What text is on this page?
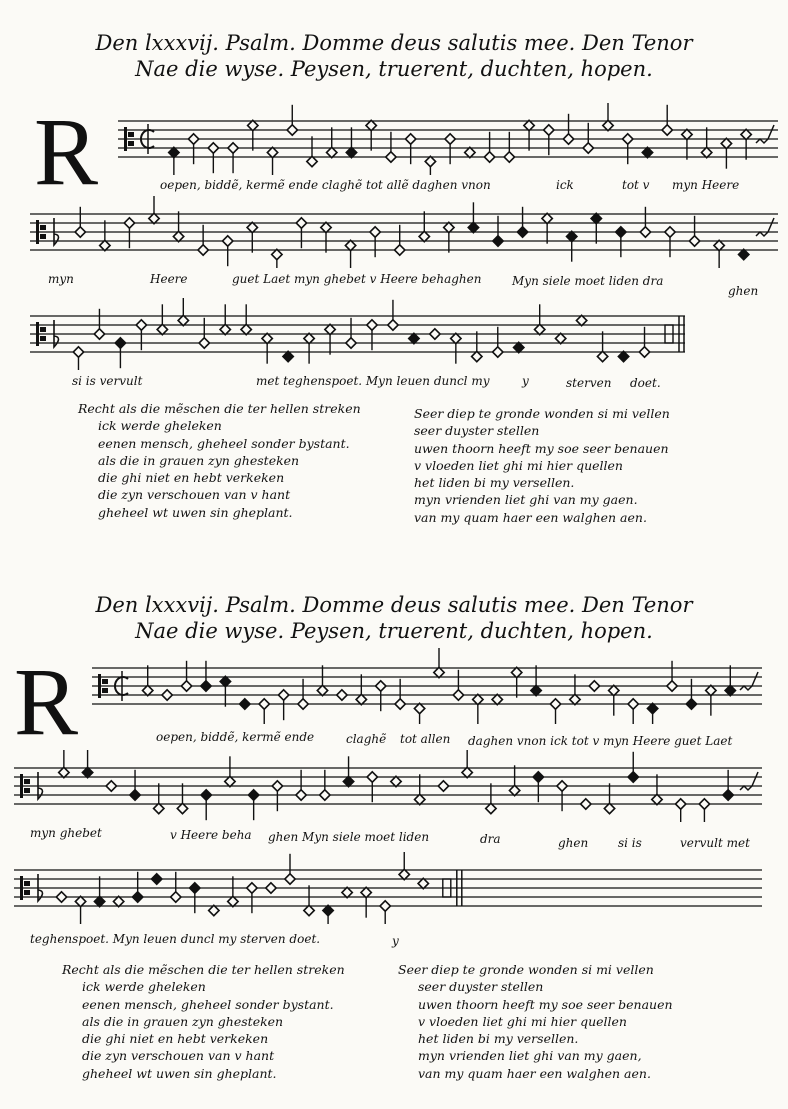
Den lxxxvij. Psalm. Domme deus salutis mee. Den Tenor
Nae die wyse. Peysen, truerent, duchten, hopen.
R	oepen, biddẽ, kermẽ ende claghẽ tot allẽ daghen vnon	ick	tot v myn Heere
myn	Heere	guet Laet myn ghebet v Heere behaghen	Myn siele moet liden dra
ghen
si is vervult	met teghenspoet. Myn leuen duncl my	y	sterven doet.
Recht als die mẽschen die ter hellen streken
ick werde gheleken
eenen mensch, gheheel sonder bystant.
als die in grauen zyn ghesteken
die ghi niet en hebt verkeken
die zyn verschouen van v hant
gheheel wt uwen sin gheplant.
Seer diep te gronde wonden si mi vellen
seer duyster stellen
uwen thoorn heeft my soe seer benauen
v vloeden liet ghi mi hier quellen
het liden bi my versellen.
myn vrienden liet ghi van my gaen.
van my quam haer een walghen aen.
Den lxxxvij. Psalm. Domme deus salutis mee. Den Tenor
Nae die wyse. Peysen, truerent, duchten, hopen.
R	oepen, biddẽ, kermẽ ende	claghẽ tot allen daghen vnon ick tot v myn Heere guet Laet
myn ghebet	v Heere beha ghen Myn siele moet liden	dra	ghen si is	vervult met
teghenspoet. Myn leuen duncl my sterven doet.	y
Recht als die mẽschen die ter hellen streken
ick werde gheleken
eenen mensch, gheheel sonder bystant.
als die in grauen zyn ghesteken
die ghi niet en hebt verkeken
die zyn verschouen van v hant
gheheel wt uwen sin gheplant.
Seer diep te gronde wonden si mi vellen
seer duyster stellen
uwen thoorn heeft my soe seer benauen
v vloeden liet ghi mi hier quellen
het liden bi my versellen.
myn vrienden liet ghi van my gaen,
van my quam haer een walghen aen.
